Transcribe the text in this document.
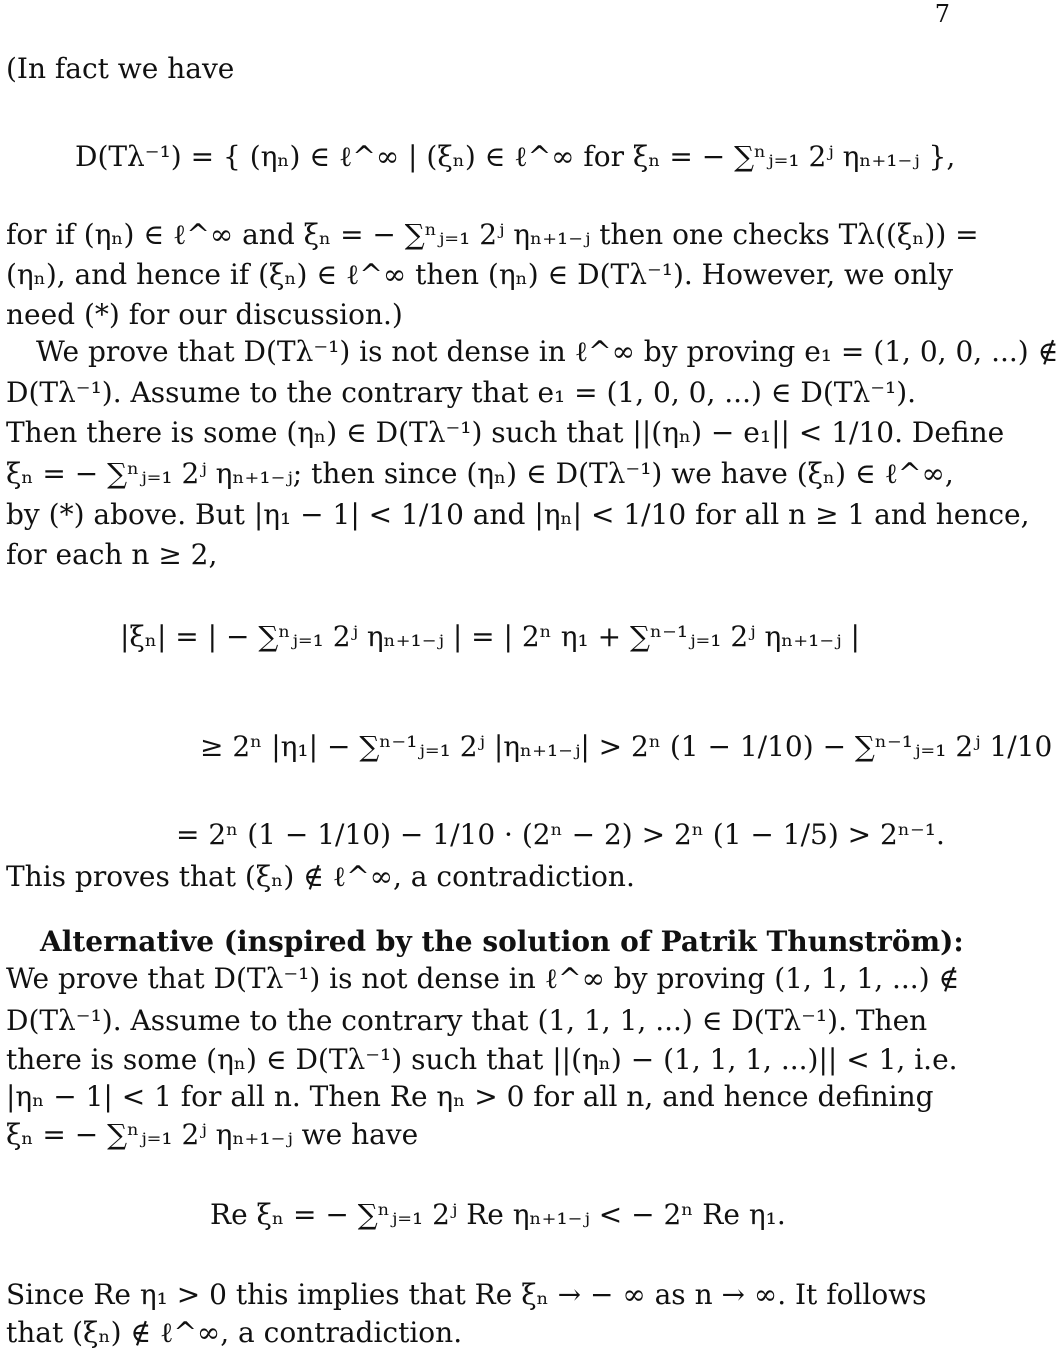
7
(In fact we have
D(Tλ⁻¹) = { (ηₙ) ∈ ℓ^∞ | (ξₙ) ∈ ℓ^∞ for ξₙ = − ∑ⁿⱼ₌₁ 2ʲ ηₙ₊₁₋ⱼ },
for if (ηₙ) ∈ ℓ^∞ and ξₙ = − ∑ⁿⱼ₌₁ 2ʲ ηₙ₊₁₋ⱼ then one checks Tλ((ξₙ)) =
(ηₙ), and hence if (ξₙ) ∈ ℓ^∞ then (ηₙ) ∈ D(Tλ⁻¹). However, we only
need (*) for our discussion.)
We prove that D(Tλ⁻¹) is not dense in ℓ^∞ by proving e₁ = (1, 0, 0, ...) ∉
D(Tλ⁻¹). Assume to the contrary that e₁ = (1, 0, 0, ...) ∈ D(Tλ⁻¹).
Then there is some (ηₙ) ∈ D(Tλ⁻¹) such that ||(ηₙ) − e₁|| < 1/10. Define
ξₙ = − ∑ⁿⱼ₌₁ 2ʲ ηₙ₊₁₋ⱼ; then since (ηₙ) ∈ D(Tλ⁻¹) we have (ξₙ) ∈ ℓ^∞,
by (*) above. But |η₁ − 1| < 1/10 and |ηₙ| < 1/10 for all n ≥ 1 and hence,
for each n ≥ 2,
|ξₙ| = | − ∑ⁿⱼ₌₁ 2ʲ ηₙ₊₁₋ⱼ | = | 2ⁿ η₁ + ∑ⁿ⁻¹ⱼ₌₁ 2ʲ ηₙ₊₁₋ⱼ |
≥ 2ⁿ |η₁| − ∑ⁿ⁻¹ⱼ₌₁ 2ʲ |ηₙ₊₁₋ⱼ| > 2ⁿ (1 − 1/10) − ∑ⁿ⁻¹ⱼ₌₁ 2ʲ 1/10
= 2ⁿ (1 − 1/10) − 1/10 · (2ⁿ − 2) > 2ⁿ (1 − 1/5) > 2ⁿ⁻¹.
This proves that (ξₙ) ∉ ℓ^∞, a contradiction.
Alternative (inspired by the solution of Patrik Thunström):
We prove that D(Tλ⁻¹) is not dense in ℓ^∞ by proving (1, 1, 1, ...) ∉
D(Tλ⁻¹). Assume to the contrary that (1, 1, 1, ...) ∈ D(Tλ⁻¹). Then
there is some (ηₙ) ∈ D(Tλ⁻¹) such that ||(ηₙ) − (1, 1, 1, ...)|| < 1, i.e.
|ηₙ − 1| < 1 for all n. Then Re ηₙ > 0 for all n, and hence defining
ξₙ = − ∑ⁿⱼ₌₁ 2ʲ ηₙ₊₁₋ⱼ we have
Re ξₙ = − ∑ⁿⱼ₌₁ 2ʲ Re ηₙ₊₁₋ⱼ < − 2ⁿ Re η₁.
Since Re η₁ > 0 this implies that Re ξₙ → − ∞ as n → ∞. It follows
that (ξₙ) ∉ ℓ^∞, a contradiction.
